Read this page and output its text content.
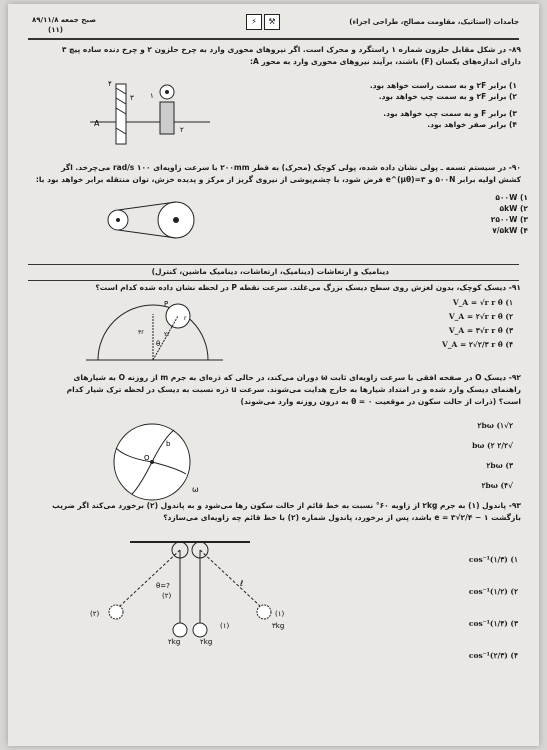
جامدات (استاتیک، مقاومت مصالح، طراحی اجزاء)
صبح جمعه ۸۹/۱۱/۸
(۱۱)
⚡	⚒
۸۹- در شکل مقابل حلزون شماره ۱ راستگرد و محرک است. اگر نیروهای محوری وارد به چرخ حلزون ۲ و چرخ دنده ساده پیچ ۳
دارای اندازه‌های یکسان (F) باشند، برآیند نیروهای محوری وارد به محور A:
۱) برابر ۲F و به سمت راست خواهد بود.
۲) برابر ۲F و به سمت چپ خواهد بود.
۳) برابر F و به سمت چپ خواهد بود.
۴) برابر صفر خواهد بود.
۴
۳
A
۱
۲
۹۰- در سیستم تسمه ـ پولی نشان داده شده، پولی کوچک (محرک) به قطر ۲۰۰mm با سرعت زاویه‌ای ۱۰۰ rad/s می‌چرخد. اگر
کشش اولیه برابر ۵۰۰N و e^(μθ)=۳ فرض شود، با چشم‌پوشی از نیروی گریز از مرکز و پدیده خزش، توان منتقله برابر خواهد بود با:
۱) ۵۰۰W
۲) ۵kW
۳) ۲۵۰۰W
۴) ۷/۵kW
دینامیک و ارتعاشات (دینامیک، ارتعاشات، دینامیک ماشین، کنترل)
۹۱- دیسک کوچک، بدون لغزش روی سطح دیسک بزرگ می‌غلتد. سرعت نقطه P در لحظه نشان داده شده کدام است؟
V_A = √r r θ̇ (۱
V_A = ۲√r r θ̇ (۲
V_A = ۳√r r θ̇ (۳
V_A = ۲√۲/۳ r θ̇ (۴
P
θ
r
۲r
۳r
۹۲- دیسک O در صفحه افقی با سرعت زاویه‌ای ثابت ω دوران می‌کند، در حالی که ذره‌ای به جرم m از روزنه O به شیارهای
راهنمای دیسک وارد شده و در امتداد شیارها به خارج هدایت می‌شوند. سرعت u ذره نسبت به دیسک در لحظه ترک شیار کدام
است؟ (ذرات از حالت سکون در موقعیت θ = ۰ به درون روزنه وارد می‌شوند)
۲√۲bω (۱
√۲/۲ bω (۲
۲bω (۳
√۲bω (۴
b
O
ω
۹۳- پاندول (۱) به جرم ۲kg از زاویه ۶۰° نسبت به خط قائم از حالت سکون رها می‌شود و به پاندول (۲) برخورد می‌کند اگر ضریب
بازگشت e = ۳√۲/۴ − ۱ باشد، پس از برخورد، پاندول شماره (۲) با خط قائم چه زاویه‌ای می‌سازد؟
cos⁻¹(۱/۳) (۱
cos⁻¹(۱/۲) (۲
cos⁻¹(۱/۴) (۳
cos⁻¹(۲/۳) (۴
(۲)
(۲)
(۱)
(۱)
۲kg	۲kg
θ=?	ℓ
۳kg
